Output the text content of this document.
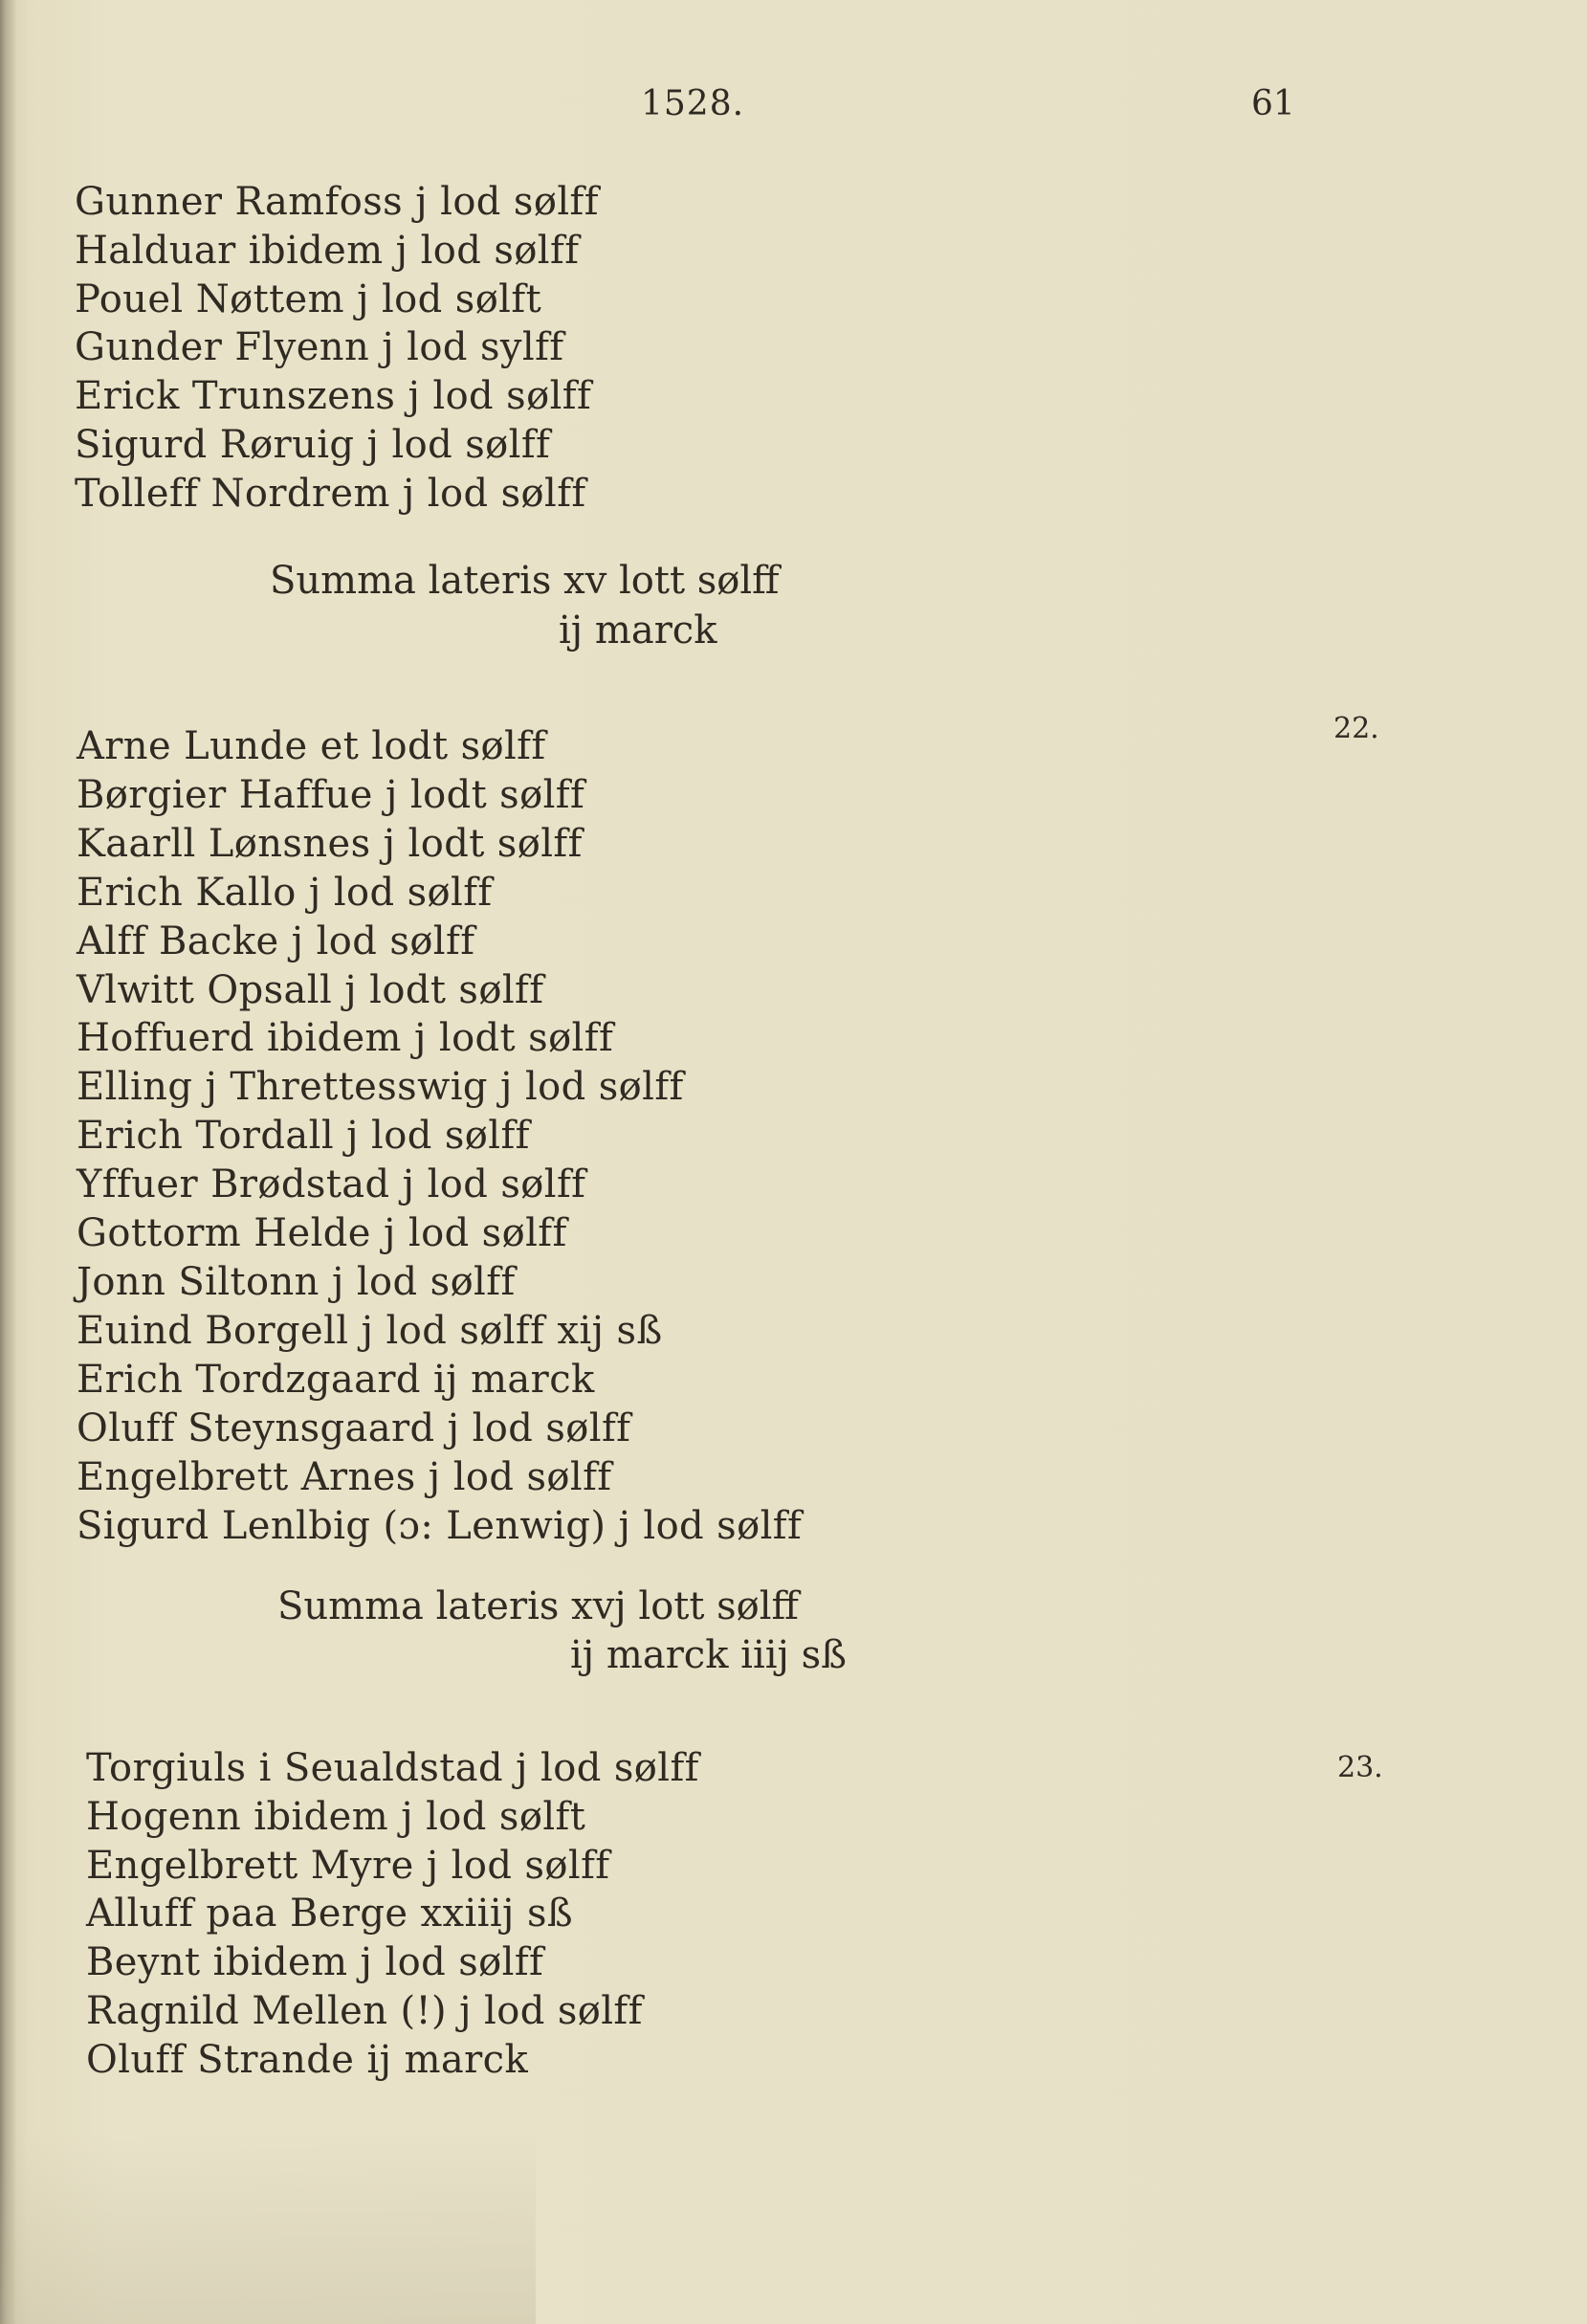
1528.	61
Gunner Ramfoss j lod sølff
Halduar ibidem j lod sølff
Pouel Nøttem j lod sølft
Gunder Flyenn j lod sylff
Erick Trunszens j lod sølff
Sigurd Røruig j lod sølff
Tolleff Nordrem j lod sølff
Summa lateris xv lott sølff
ij marck
22.
Arne Lunde et lodt sølff
Børgier Haffue j lodt sølff
Kaarll Lønsnes j lodt sølff
Erich Kallo j lod sølff
Alff Backe j lod sølff
Vlwitt Opsall j lodt sølff
Hoffuerd ibidem j lodt sølff
Elling j Threttesswig j lod sølff
Erich Tordall j lod sølff
Yffuer Brødstad j lod sølff
Gottorm Helde j lod sølff
Jonn Siltonn j lod sølff
Euind Borgell j lod sølff xij sß
Erich Tordzgaard ij marck
Oluff Steynsgaard j lod sølff
Engelbrett Arnes j lod sølff
Sigurd Lenlbig (ɔ: Lenwig) j lod sølff
Summa lateris xvj lott sølff
ij marck iiij sß
23.
Torgiuls i Seualdstad j lod sølff
Hogenn ibidem j lod sølft
Engelbrett Myre j lod sølff
Alluff paa Berge xxiiij sß
Beynt ibidem j lod sølff
Ragnild Mellen (!) j lod sølff
Oluff Strande ij marck
